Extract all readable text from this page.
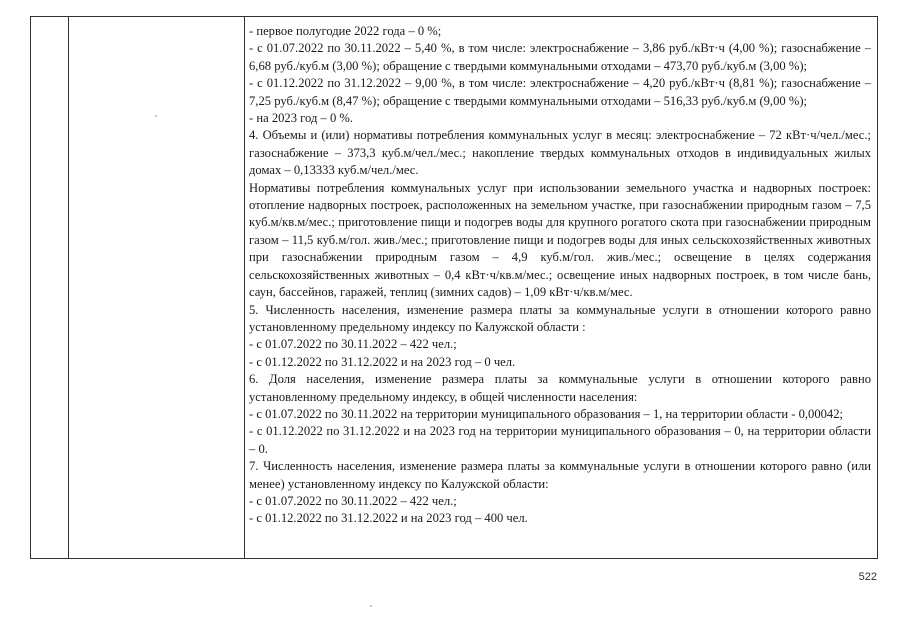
- первое полугодие 2022 года – 0 %;

- с 01.07.2022 по 30.11.2022 – 5,40 %, в том числе: электроснабжение – 3,86 руб./кВт·ч (4,00 %); газоснабжение – 6,68 руб./куб.м (3,00 %); обращение с твердыми коммунальными отходами – 473,70 руб./куб.м (3,00 %);

- с 01.12.2022 по 31.12.2022 – 9,00 %, в том числе: электроснабжение – 4,20 руб./кВт·ч (8,81 %); газоснабжение – 7,25 руб./куб.м (8,47 %); обращение с твердыми коммунальными отходами – 516,33 руб./куб.м (9,00 %);

- на 2023 год – 0 %.

4. Объемы и (или) нормативы потребления коммунальных услуг в месяц: электроснабжение – 72 кВт·ч/чел./мес.; газоснабжение – 373,3 куб.м/чел./мес.; накопление твердых коммунальных отходов в индивидуальных жилых домах – 0,13333 куб.м/чел./мес.

Нормативы потребления коммунальных услуг при использовании земельного участка и надворных построек: отопление надворных построек, расположенных на земельном участке, при газоснабжении природным газом – 7,5 куб.м/кв.м/мес.; приготовление пищи и подогрев воды для крупного рогатого скота при газоснабжении природным газом – 11,5 куб.м/гол. жив./мес.; приготовление пищи и подогрев воды для иных сельскохозяйственных животных при газоснабжении природным газом – 4,9 куб.м/гол. жив./мес.; освещение в целях содержания сельскохозяйственных животных – 0,4 кВт·ч/кв.м/мес.; освещение иных надворных построек, в том числе бань, саун, бассейнов, гаражей, теплиц (зимних садов) – 1,09 кВт·ч/кв.м/мес.

5. Численность населения, изменение размера платы за коммунальные услуги в отношении которого равно установленному предельному индексу по Калужской области :

- с 01.07.2022 по 30.11.2022 – 422 чел.;

- с 01.12.2022 по 31.12.2022 и на 2023 год – 0 чел.

6. Доля населения, изменение размера платы за коммунальные услуги в отношении которого равно установленному предельному индексу, в общей численности населения:

- с 01.07.2022 по 30.11.2022 на территории муниципального образования – 1, на территории области - 0,00042;

- с 01.12.2022 по 31.12.2022 и на 2023 год на территории муниципального образования – 0, на территории области – 0.

7. Численность населения, изменение размера платы за коммунальные услуги в отношении которого равно (или менее) установленному индексу по Калужской области:

- с 01.07.2022 по 30.11.2022 – 422 чел.;

- с 01.12.2022 по 31.12.2022 и на 2023 год – 400 чел.

522
